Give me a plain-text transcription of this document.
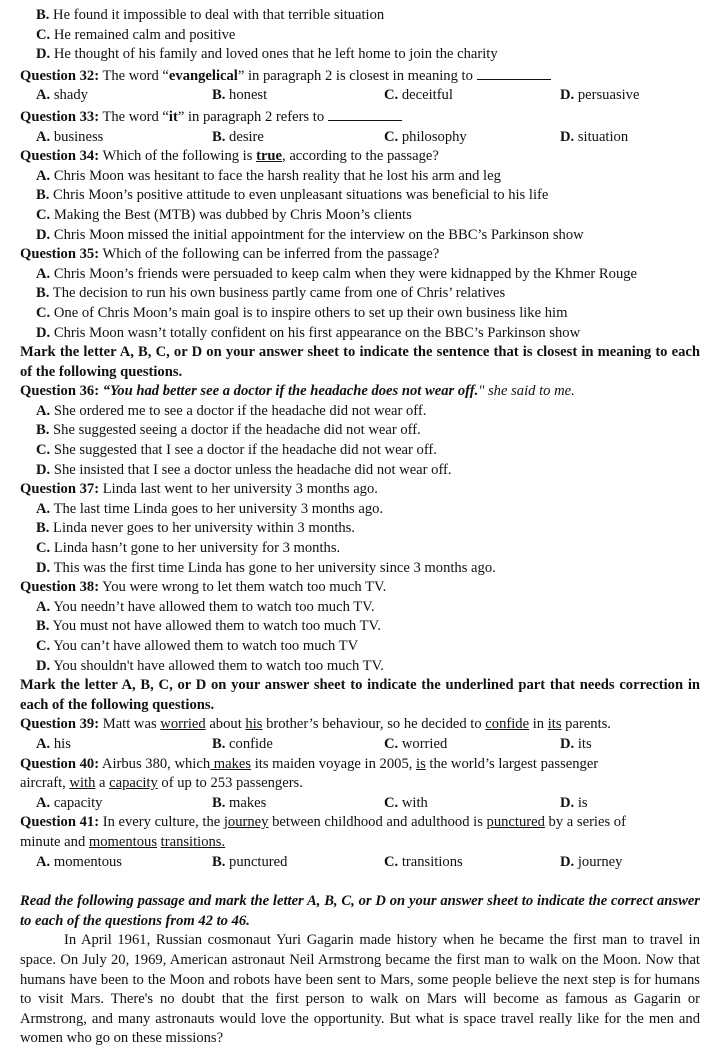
B. He found it impossible to deal with that terrible situation
C. He remained calm and positive
D. He thought of his family and loved ones that he left home to join the charity
Question 32: The word “evangelical” in paragraph 2 is closest in meaning to
A. shady	B. honest	C. deceitful	D. persuasive
Question 33: The word “it” in paragraph 2 refers to
A. business	B. desire	C. philosophy	D. situation
Question 34: Which of the following is true, according to the passage?
A. Chris Moon was hesitant to face the harsh reality that he lost his arm and leg
B. Chris Moon’s positive attitude to even unpleasant situations was beneficial to his life
C. Making the Best (MTB) was dubbed by Chris Moon’s clients
D. Chris Moon missed the initial appointment for the interview on the BBC’s Parkinson show
Question 35: Which of the following can be inferred from the passage?
A. Chris Moon’s friends were persuaded to keep calm when they were kidnapped by the Khmer Rouge
B. The decision to run his own business partly came from one of Chris’ relatives
C. One of Chris Moon’s main goal is to inspire others to set up their own business like him
D. Chris Moon wasn’t totally confident on his first appearance on the BBC’s Parkinson show
Mark the letter A, B, C, or D on your answer sheet to indicate the sentence that is closest in meaning to each of the following questions.
Question 36: “You had better see a doctor if the headache does not wear off." she said to me.
A. She ordered me to see a doctor if the headache did not wear off.
B. She suggested seeing a doctor if the headache did not wear off.
C. She suggested that I see a doctor if the headache did not wear off.
D. She insisted that I see a doctor unless the headache did not wear off.
Question 37: Linda last went to her university 3 months ago.
A. The last time Linda goes to her university 3 months ago.
B. Linda never goes to her university within 3 months.
C. Linda hasn’t gone to her university for 3 months.
D. This was the first time Linda has gone to her university since 3 months ago.
Question 38: You were wrong to let them watch too much TV.
A. You needn’t have allowed them to watch too much TV.
B. You must not have allowed them to watch too much TV.
C. You can’t have allowed them to watch too much TV
D. You shouldn't have allowed them to watch too much TV.
Mark the letter A, B, C, or D on your answer sheet to indicate the underlined part that needs correction in each of the following questions.
Question 39: Matt was worried about his brother’s behaviour, so he decided to confide in its parents.
A. his	B. confide	C. worried	D. its
Question 40: Airbus 380, which makes its maiden voyage in 2005, is the world’s largest passenger
aircraft, with a capacity of up to 253 passengers.
A. capacity	B. makes	C. with	D. is
Question 41: In every culture, the journey between childhood and adulthood is punctured by a series of
minute and momentous transitions.
A. momentous	B. punctured	C. transitions	D. journey
Read the following passage and mark the letter A, B, C, or D on your answer sheet to indicate the correct answer to each of the questions from 42 to 46.
In April 1961, Russian cosmonaut Yuri Gagarin made history when he became the first man to travel in space. On July 20, 1969, American astronaut Neil Armstrong became the first man to walk on the Moon. Now that humans have been to the Moon and robots have been sent to Mars, some people believe the next step is for humans to visit Mars. There's no doubt that the first person to walk on Mars will become as famous as Gagarin or Armstrong, and many astronauts would love the opportunity. But what is space travel really like for the men and women who go on these missions?
